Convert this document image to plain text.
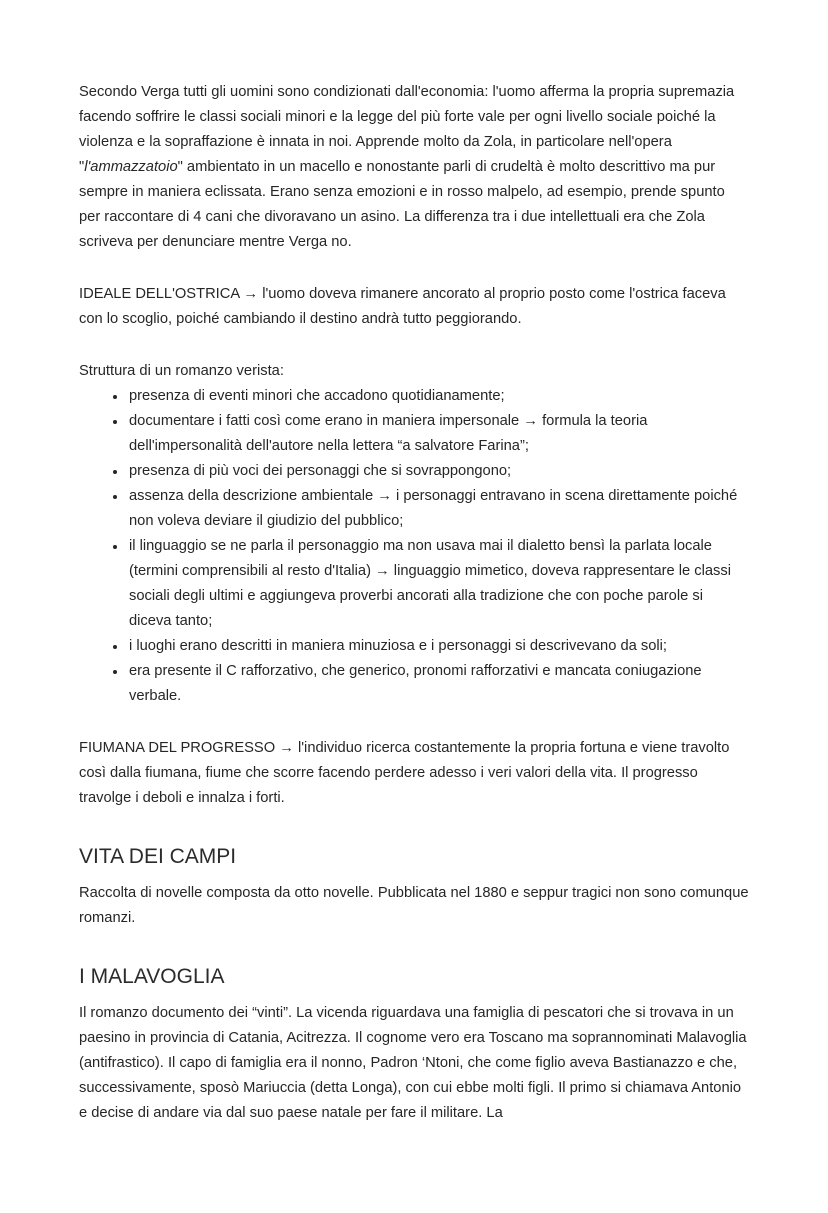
Secondo Verga tutti gli uomini sono condizionati dall'economia: l'uomo afferma la propria supremazia facendo soffrire le classi sociali minori e la legge del più forte vale per ogni livello sociale poiché la violenza e la sopraffazione è innata in noi. Apprende molto da Zola, in particolare nell'opera "l'ammazzatoio" ambientato in un macello e nonostante parli di crudeltà è molto descrittivo ma pur sempre in maniera eclissata. Erano senza emozioni e in rosso malpelo, ad esempio, prende spunto per raccontare di 4 cani che divoravano un asino. La differenza tra i due intellettuali era che Zola scriveva per denunciare mentre Verga no.

IDEALE DELL'OSTRICA → l'uomo doveva rimanere ancorato al proprio posto come l'ostrica faceva con lo scoglio, poiché cambiando il destino andrà tutto peggiorando.

Struttura di un romanzo verista:

• presenza di eventi minori che accadono quotidianamente;
• documentare i fatti così come erano in maniera impersonale → formula la teoria dell'impersonalità dell'autore nella lettera “a salvatore Farina”;
• presenza di più voci dei personaggi che si sovrappongono;
• assenza della descrizione ambientale → i personaggi entravano in scena direttamente poiché non voleva deviare il giudizio del pubblico;
• il linguaggio se ne parla il personaggio ma non usava mai il dialetto bensì la parlata locale (termini comprensibili al resto d'Italia) → linguaggio mimetico, doveva rappresentare le classi sociali degli ultimi e aggiungeva proverbi ancorati alla tradizione che con poche parole si diceva tanto;
• i luoghi erano descritti in maniera minuziosa e i personaggi si descrivevano da soli;
• era presente il C rafforzativo, che generico, pronomi rafforzativi e mancata coniugazione verbale.

FIUMANA DEL PROGRESSO → l'individuo ricerca costantemente la propria fortuna e viene travolto così dalla fiumana, fiume che scorre facendo perdere adesso i veri valori della vita. Il progresso travolge i deboli e innalza i forti.

VITA DEI CAMPI

Raccolta di novelle composta da otto novelle. Pubblicata nel 1880 e seppur tragici non sono comunque romanzi.

I MALAVOGLIA

Il romanzo documento dei “vinti”. La vicenda riguardava una famiglia di pescatori che si trovava in un paesino in provincia di Catania, Acitrezza. Il cognome vero era Toscano ma soprannominati Malavoglia (antifrastico). Il capo di famiglia era il nonno, Padron ‘Ntoni, che come figlio aveva Bastianazzo e che, successivamente, sposò Mariuccia (detta Longa), con cui ebbe molti figli. Il primo si chiamava Antonio e decise di andare via dal suo paese natale per fare il militare. La
